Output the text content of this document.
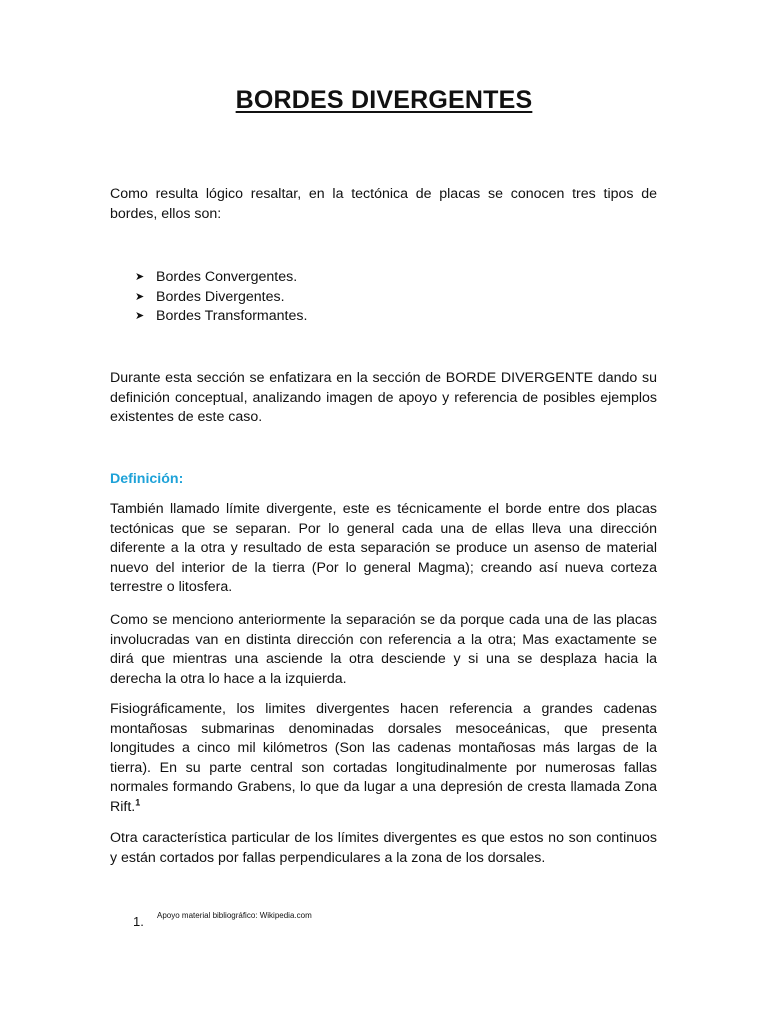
BORDES DIVERGENTES

Como resulta lógico resaltar, en la tectónica de placas se conocen tres tipos de bordes, ellos son:

➤ Bordes Convergentes.
➤ Bordes Divergentes.
➤ Bordes Transformantes.

Durante esta sección se enfatizara en la sección de BORDE DIVERGENTE dando su definición conceptual, analizando imagen de apoyo y referencia de posibles ejemplos existentes de este caso.

Definición:

También llamado límite divergente, este es técnicamente el borde entre dos placas tectónicas que se separan. Por lo general cada una de ellas lleva una dirección diferente a la otra y resultado de esta separación se produce un asenso de material nuevo del interior de la tierra (Por lo general Magma); creando así nueva corteza terrestre o litosfera.

Como se menciono anteriormente la separación se da porque cada una de las placas involucradas van en distinta dirección con referencia a la otra; Mas exactamente se dirá que mientras una asciende la otra desciende y si una se desplaza hacia la derecha la otra lo hace a la izquierda.

Fisiográficamente, los limites divergentes hacen referencia a grandes cadenas montañosas submarinas denominadas dorsales mesoceánicas, que presenta longitudes a cinco mil kilómetros (Son las cadenas montañosas más largas de la tierra). En su parte central son cortadas longitudinalmente por numerosas fallas normales formando Grabens, lo que da lugar a una depresión de cresta llamada Zona Rift.$^1$

Otra característica particular de los límites divergentes es que estos no son continuos y están cortados por fallas perpendiculares a la zona de los dorsales.

1.	Apoyo material bibliográfico: Wikipedia.com
